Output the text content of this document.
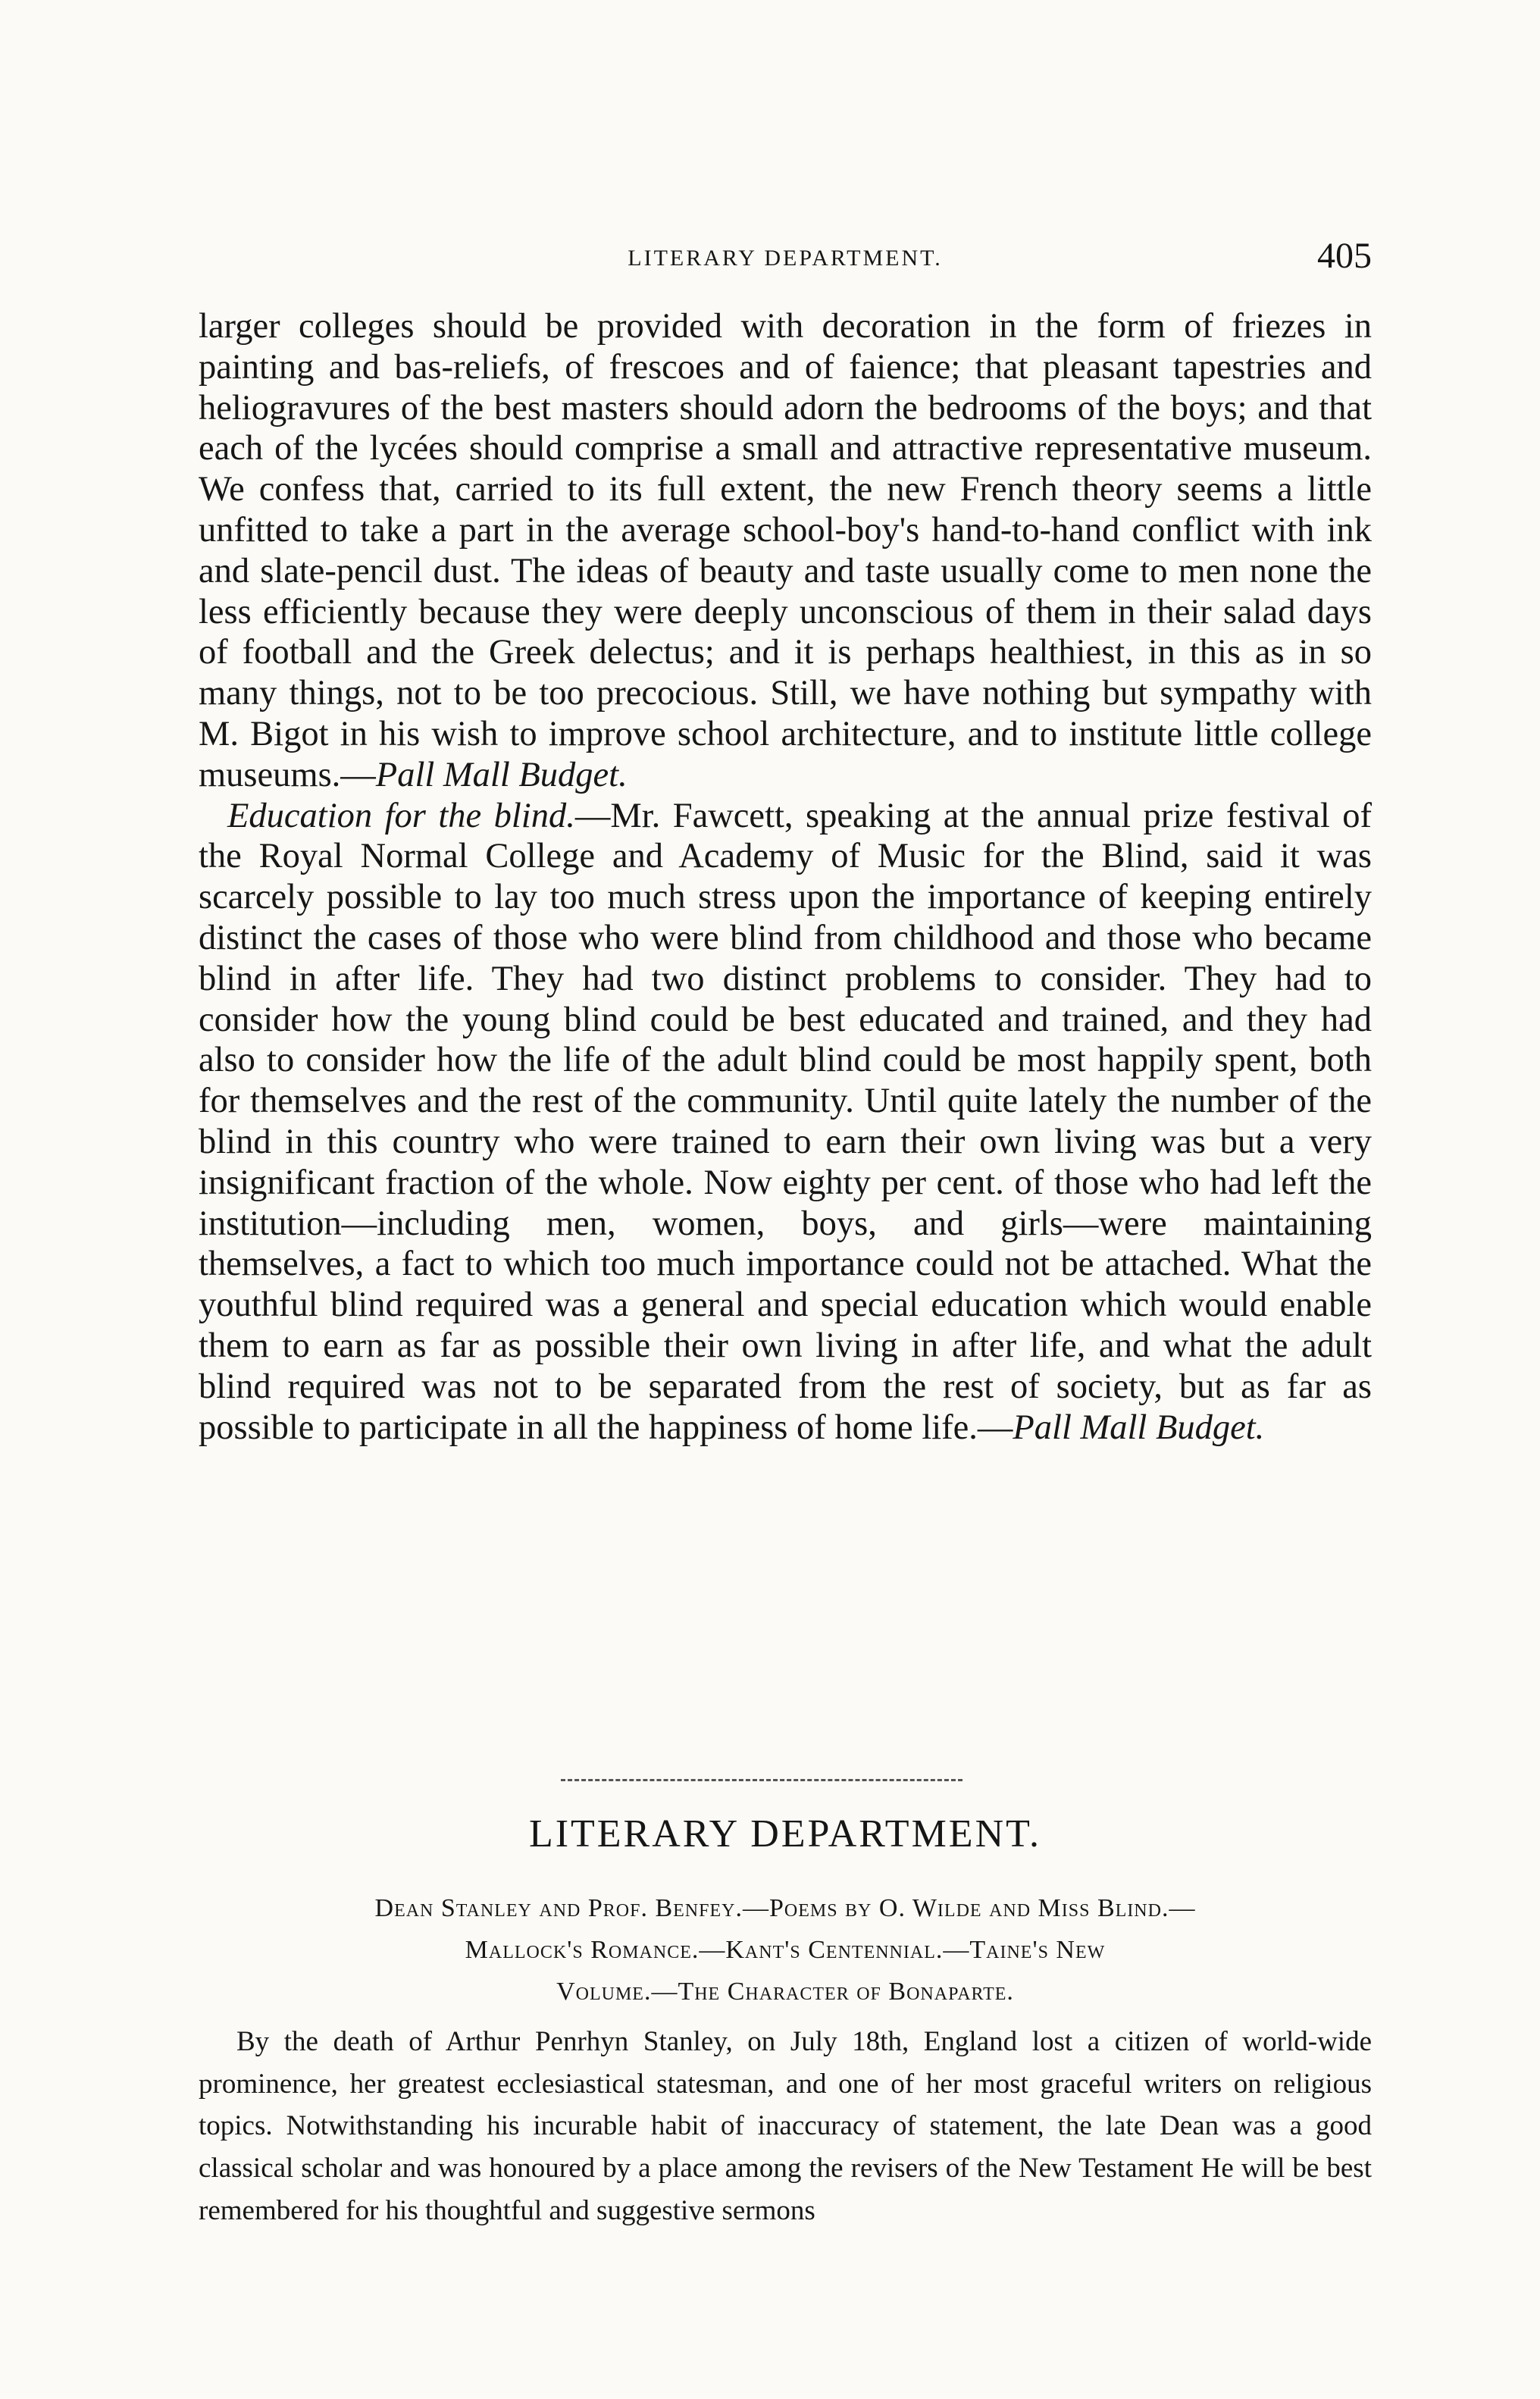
LITERARY DEPARTMENT.	405

larger colleges should be provided with decoration in the form of friezes in painting and bas-reliefs, of frescoes and of faience; that pleasant tapestries and heliogravures of the best masters should adorn the bedrooms of the boys; and that each of the lycées should comprise a small and attractive representative museum. We confess that, carried to its full extent, the new French theory seems a little unfitted to take a part in the average school-boy's hand-to-hand conflict with ink and slate-pencil dust. The ideas of beauty and taste usually come to men none the less efficiently because they were deeply unconscious of them in their salad days of football and the Greek delectus; and it is perhaps healthiest, in this as in so many things, not to be too precocious. Still, we have nothing but sympathy with M. Bigot in his wish to improve school architecture, and to institute little college museums.—Pall Mall Budget.

Education for the blind.—Mr. Fawcett, speaking at the annual prize festival of the Royal Normal College and Academy of Music for the Blind, said it was scarcely possible to lay too much stress upon the importance of keeping entirely distinct the cases of those who were blind from childhood and those who became blind in after life. They had two distinct problems to consider. They had to consider how the young blind could be best educated and trained, and they had also to consider how the life of the adult blind could be most happily spent, both for themselves and the rest of the community. Until quite lately the number of the blind in this country who were trained to earn their own living was but a very insignificant fraction of the whole. Now eighty per cent. of those who had left the institution—including men, women, boys, and girls—were maintaining themselves, a fact to which too much importance could not be attached. What the youthful blind required was a general and special education which would enable them to earn as far as possible their own living in after life, and what the adult blind required was not to be separated from the rest of society, but as far as possible to participate in all the happiness of home life.—Pall Mall Budget.

LITERARY DEPARTMENT.
Dean Stanley and Prof. Benfey.—Poems by O. Wilde and Miss Blind.—
Mallock's Romance.—Kant's Centennial.—Taine's New
Volume.—The Character of Bonaparte.

By the death of Arthur Penrhyn Stanley, on July 18th, England lost a citizen of world-wide prominence, her greatest ecclesiastical statesman, and one of her most graceful writers on religious topics. Notwithstanding his incurable habit of inaccuracy of statement, the late Dean was a good classical scholar and was honoured by a place among the revisers of the New Testament He will be best remembered for his thoughtful and suggestive sermons
